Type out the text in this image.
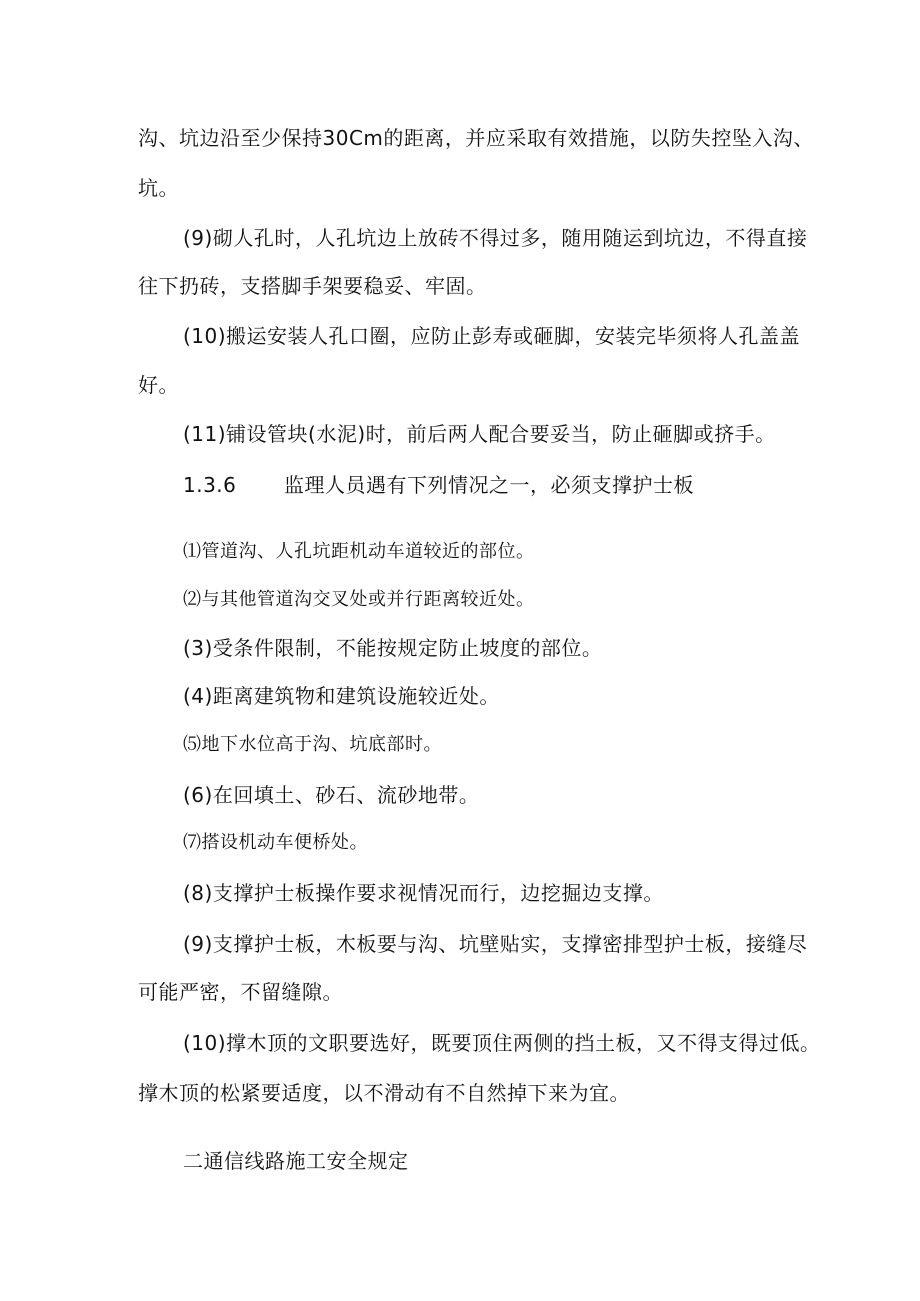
沟、坑边沿至少保持30Cm的距离，并应采取有效措施，以防失控坠入沟、
坑。
(9)砌人孔时，人孔坑边上放砖不得过多，随用随运到坑边，不得直接
往下扔砖，支搭脚手架要稳妥、牢固。
(10)搬运安装人孔口圈，应防止彭寿或砸脚，安装完毕须将人孔盖盖
好。
(11)铺设管块(水泥)时，前后两人配合要妥当，防止砸脚或挤手。
1.3.6 监理人员遇有下列情况之一，必须支撑护士板
⑴管道沟、人孔坑距机动车道较近的部位。
⑵与其他管道沟交叉处或并行距离较近处。
(3)受条件限制，不能按规定防止坡度的部位。
(4)距离建筑物和建筑设施较近处。
⑸地下水位高于沟、坑底部时。
(6)在回填土、砂石、流砂地带。
⑺搭设机动车便桥处。
(8)支撑护士板操作要求视情况而行，边挖掘边支撑。
(9)支撑护士板，木板要与沟、坑壁贴实，支撑密排型护士板，接缝尽
可能严密，不留缝隙。
(10)撑木顶的文职要选好，既要顶住两侧的挡土板，又不得支得过低。
撑木顶的松紧要适度，以不滑动有不自然掉下来为宜。
二通信线路施工安全规定
